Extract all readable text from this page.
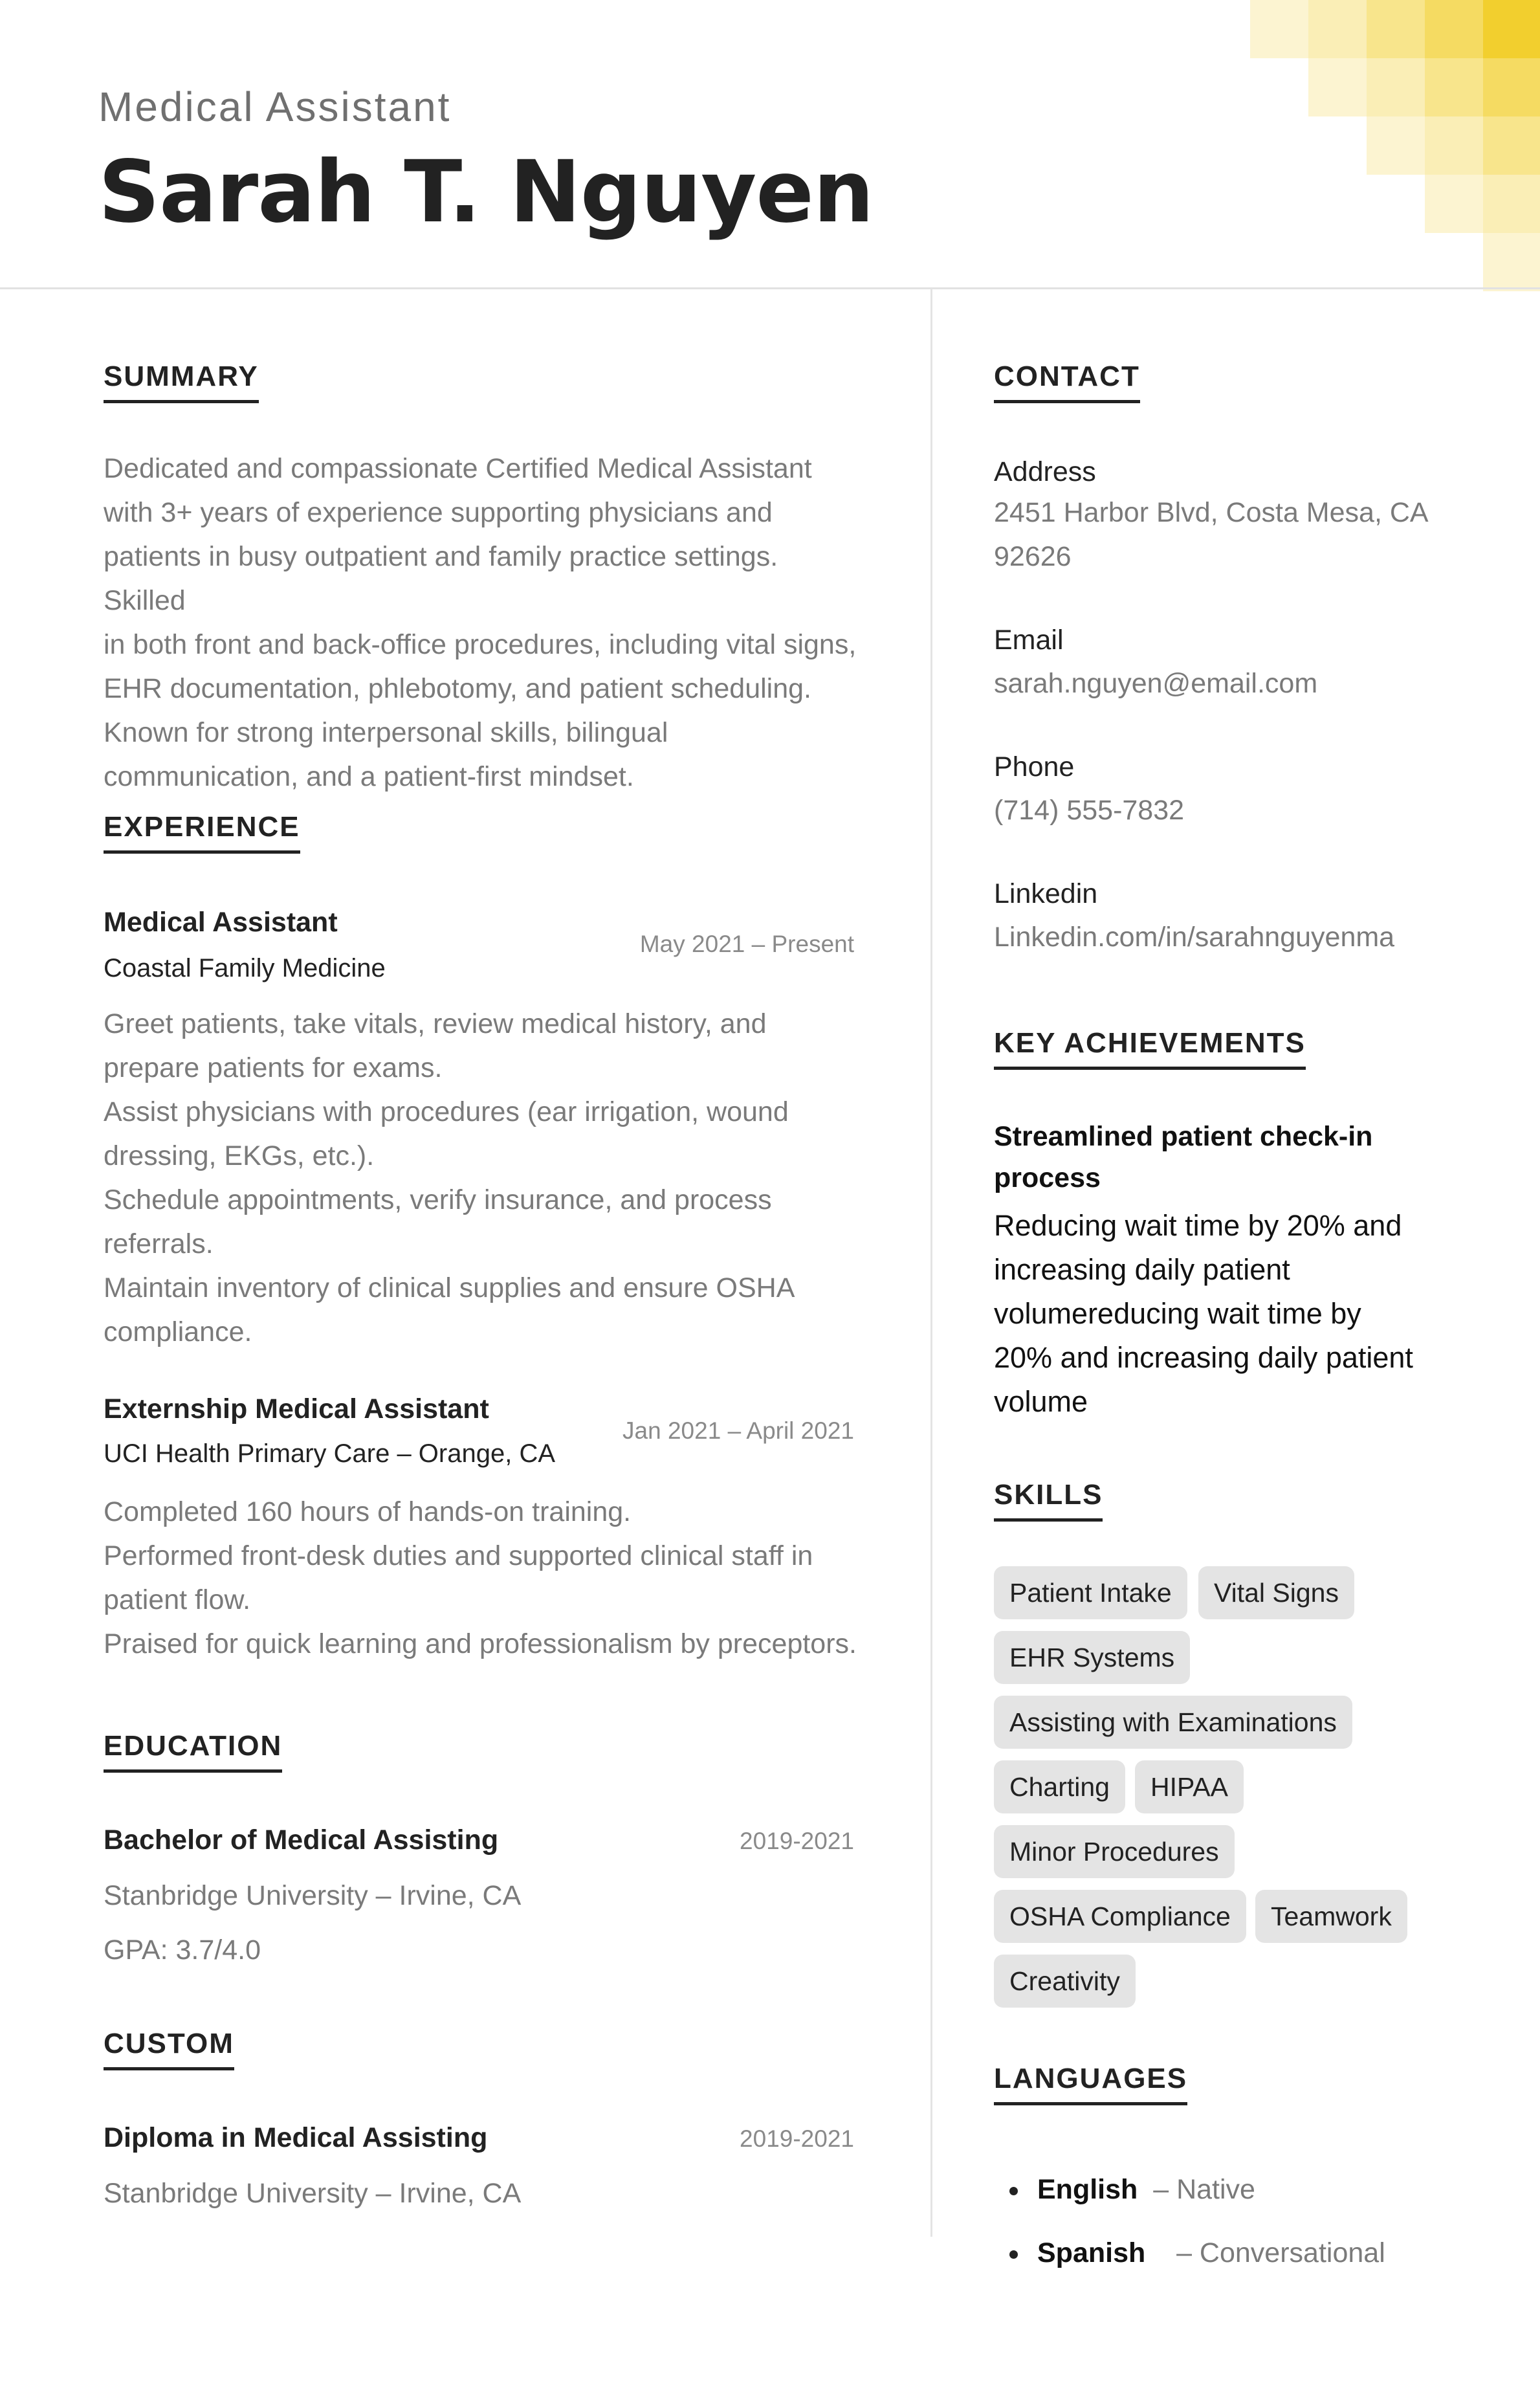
Medical Assistant
Sarah T. Nguyen
SUMMARY
Dedicated and compassionate Certified Medical Assistant
with 3+ years of experience supporting physicians and
patients in busy outpatient and family practice settings. Skilled
in both front and back-office procedures, including vital signs,
EHR documentation, phlebotomy, and patient scheduling.
Known for strong interpersonal skills, bilingual
communication, and a patient-first mindset.
EXPERIENCE
Medical Assistant
May 2021 – Present
Coastal Family Medicine
Greet patients, take vitals, review medical history, and
prepare patients for exams.
Assist physicians with procedures (ear irrigation, wound
dressing, EKGs, etc.).
Schedule appointments, verify insurance, and process
referrals.
Maintain inventory of clinical supplies and ensure OSHA
compliance.
Externship Medical Assistant
Jan 2021 – April 2021
UCI Health Primary Care – Orange, CA
Completed 160 hours of hands-on training.
Performed front-desk duties and supported clinical staff in
patient flow.
Praised for quick learning and professionalism by preceptors.
EDUCATION
Bachelor of Medical Assisting	2019-2021
Stanbridge University – Irvine, CA
GPA: 3.7/4.0
CUSTOM
Diploma in Medical Assisting	2019-2021
Stanbridge University – Irvine, CA
CONTACT
Address
2451 Harbor Blvd, Costa Mesa, CA
92626
Email
sarah.nguyen@email.com
Phone
(714) 555-7832
Linkedin
Linkedin.com/in/sarahnguyenma
KEY ACHIEVEMENTS
Streamlined patient check-in
process
Reducing wait time by 20% and
increasing daily patient
volumereducing wait time by
20% and increasing daily patient
volume
SKILLS
Patient Intake	Vital Signs
EHR Systems
Assisting with Examinations
Charting	HIPAA
Minor Procedures
OSHA Compliance	Teamwork
Creativity
LANGUAGES
English – Native
Spanish – Conversational
